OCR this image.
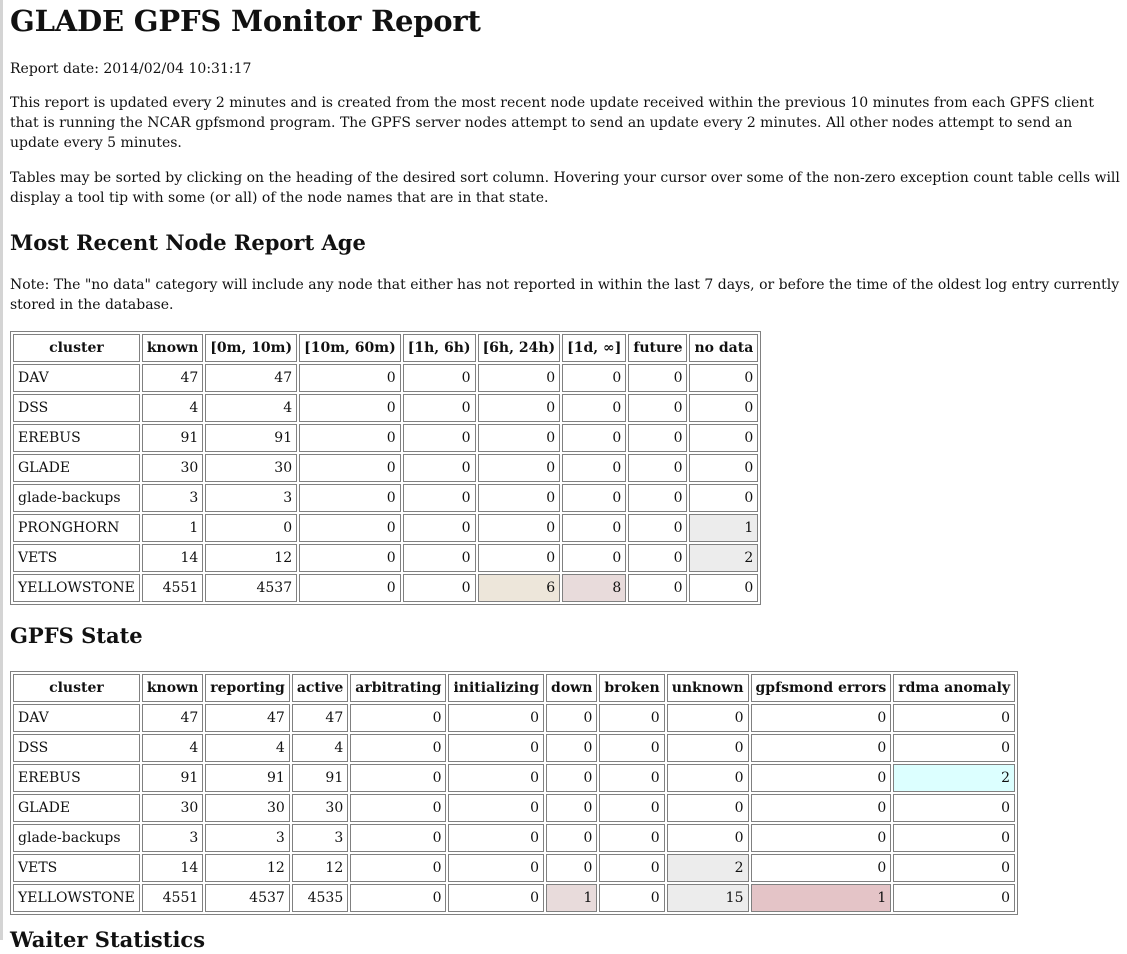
GLADE GPFS Monitor Report

Report date: 2014/02/04 10:31:17

This report is updated every 2 minutes and is created from the most recent node update received within the previous 10 minutes from each GPFS client that is running the NCAR gpfsmond program. The GPFS server nodes attempt to send an update every 2 minutes. All other nodes attempt to send an update every 5 minutes.

Tables may be sorted by clicking on the heading of the desired sort column. Hovering your cursor over some of the non-zero exception count table cells will display a tool tip with some (or all) of the node names that are in that state.

Most Recent Node Report Age

Note: The "no data" category will include any node that either has not reported in within the last 7 days, or before the time of the oldest log entry currently stored in the database.

cluster	known	[0m, 10m)	[10m, 60m)	[1h, 6h)	[6h, 24h)	[1d, ∞]	future	no data
DAV	47	47	0	0	0	0	0	0
DSS	4	4	0	0	0	0	0	0
EREBUS	91	91	0	0	0	0	0	0
GLADE	30	30	0	0	0	0	0	0
glade-backups	3	3	0	0	0	0	0	0
PRONGHORN	1	0	0	0	0	0	0	1
VETS	14	12	0	0	0	0	0	2
YELLOWSTONE	4551	4537	0	0	6	8	0	0
GPFS State
cluster	known	reporting	active	arbitrating	initializing	down	broken	unknown	gpfsmond errors	rdma anomaly
DAV	47	47	47	0	0	0	0	0	0	0
DSS	4	4	4	0	0	0	0	0	0	0
EREBUS	91	91	91	0	0	0	0	0	0	2
GLADE	30	30	30	0	0	0	0	0	0	0
glade-backups	3	3	3	0	0	0	0	0	0	0
VETS	14	12	12	0	0	0	0	2	0	0
YELLOWSTONE	4551	4537	4535	0	0	1	0	15	1	0
Waiter Statistics
